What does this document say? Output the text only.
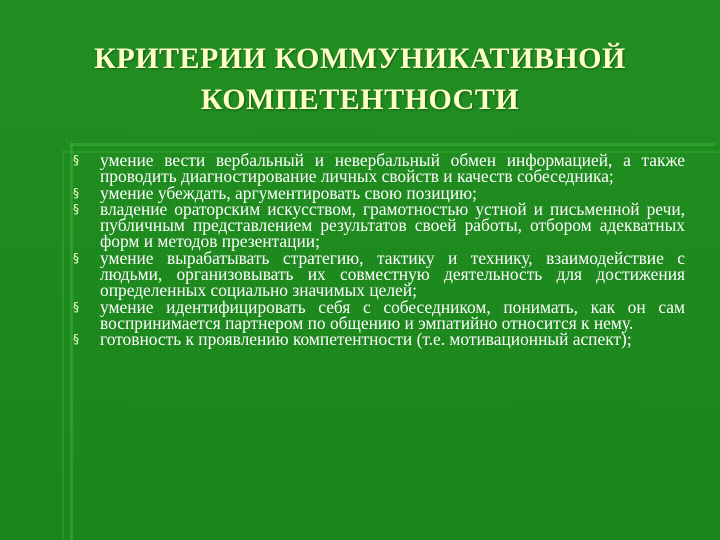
КРИТЕРИИ КОММУНИКАТИВНОЙ
КОМПЕТЕНТНОСТИ
§	умение вести вербальный и невербальный обмен информацией, а также проводить диагностирование личных свойств и качеств собеседника;
§	умение убеждать, аргументировать свою позицию;
§	владение ораторским искусством, грамотностью устной и письменной речи, публичным представлением результатов своей работы, отбором адекватных форм и методов презентации;
§	умение вырабатывать стратегию, тактику и технику, взаимодействие с людьми, организовывать их совместную деятельность для достижения определенных социально значимых целей;
§	умение идентифицировать себя с собеседником, понимать, как он сам воспринимается партнером по общению и эмпатийно относится к нему.
§	готовность к проявлению компетентности (т.е. мотивационный аспект);
